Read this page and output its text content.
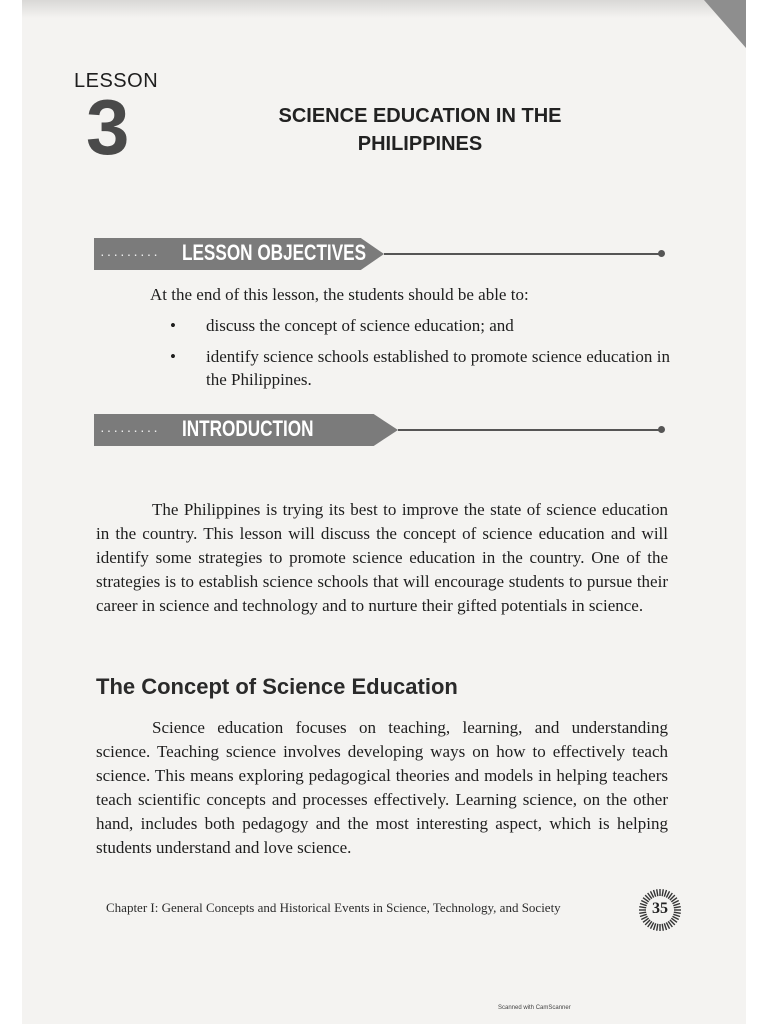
LESSON
3	SCIENCE EDUCATION IN THE
PHILIPPINES
········· LESSON OBJECTIVES
At the end of this lesson, the students should be able to:
• discuss the concept of science education; and
• identify science schools established to promote science education in the Philippines.
········· INTRODUCTION

The Philippines is trying its best to improve the state of science education in the country. This lesson will discuss the concept of science education and will identify some strategies to promote science education in the country. One of the strategies is to establish science schools that will encourage students to pursue their career in science and technology and to nurture their gifted potentials in science.

The Concept of Science Education

Science education focuses on teaching, learning, and understanding science. Teaching science involves developing ways on how to effectively teach science. This means exploring pedagogical theories and models in helping teachers teach scientific concepts and processes effectively. Learning science, on the other hand, includes both pedagogy and the most interesting aspect, which is helping students understand and love science.

Chapter I: General Concepts and Historical Events in Science, Technology, and Society	35
Scanned with CamScanner
